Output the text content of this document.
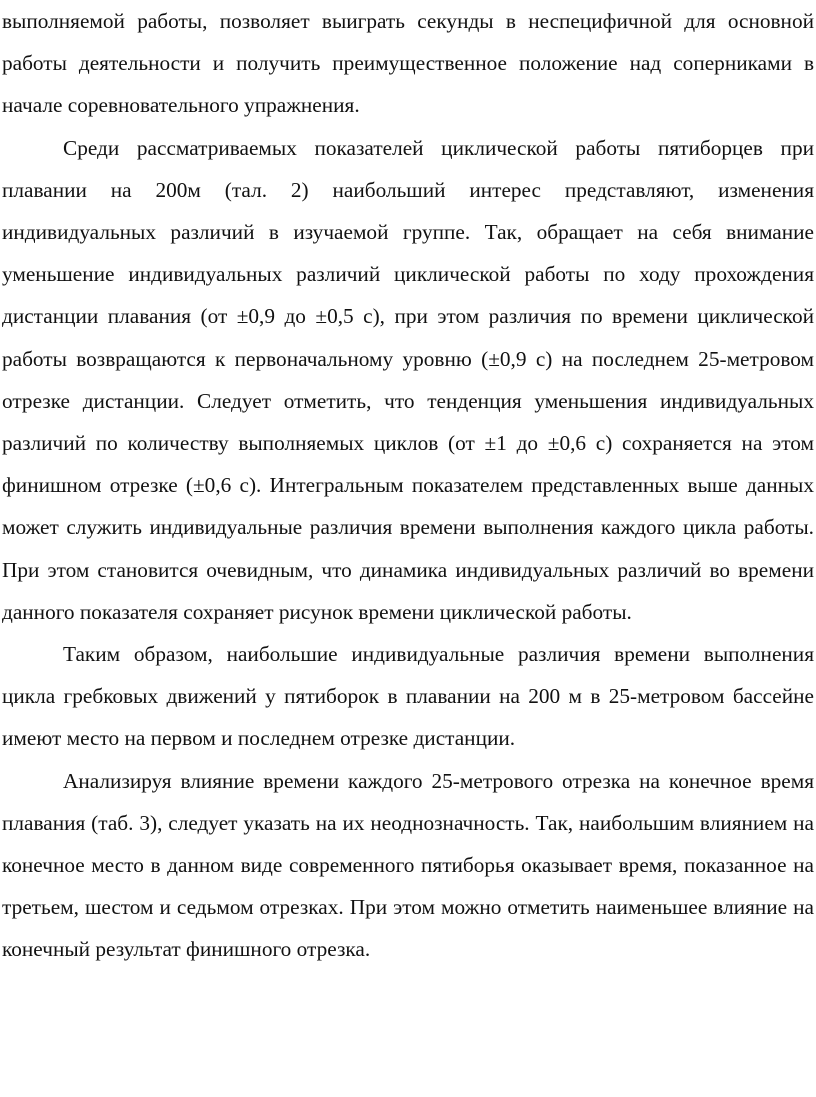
выполняемой работы, позволяет выиграть секунды в неспецифичной для основной работы деятельности и получить преимущественное положение над соперниками в начале соревновательного упражнения.

Среди рассматриваемых показателей циклической работы пятиборцев при плавании на 200м (тал. 2) наибольший интерес представляют, изменения индивидуальных различий в изучаемой группе. Так, обращает на себя внимание уменьшение индивидуальных различий циклической работы по ходу прохождения дистанции плавания (от ±0,9 до ±0,5 с), при этом различия по времени циклической работы возвращаются к первоначальному уровню (±0,9 с) на последнем 25-метровом отрезке дистанции. Следует отметить, что тенденция уменьшения индивидуальных различий по количеству выполняемых циклов (от ±1 до ±0,6 с) сохраняется на этом финишном отрезке (±0,6 с). Интегральным показателем представленных выше данных может служить индивидуальные различия времени выполнения каждого цикла работы. При этом становится очевидным, что динамика индивидуальных различий во времени данного показателя сохраняет рисунок времени циклической работы.

Таким образом, наибольшие индивидуальные различия времени выполнения цикла гребковых движений у пятиборок в плавании на 200 м в 25-метровом бассейне имеют место на первом и последнем отрезке дистанции.

Анализируя влияние времени каждого 25-метрового отрезка на конечное время плавания (таб. 3), следует указать на их неоднозначность. Так, наибольшим влиянием на конечное место в данном виде современного пятиборья оказывает время, показанное на третьем, шестом и седьмом отрезках. При этом можно отметить наименьшее влияние на конечный результат финишного отрезка.
